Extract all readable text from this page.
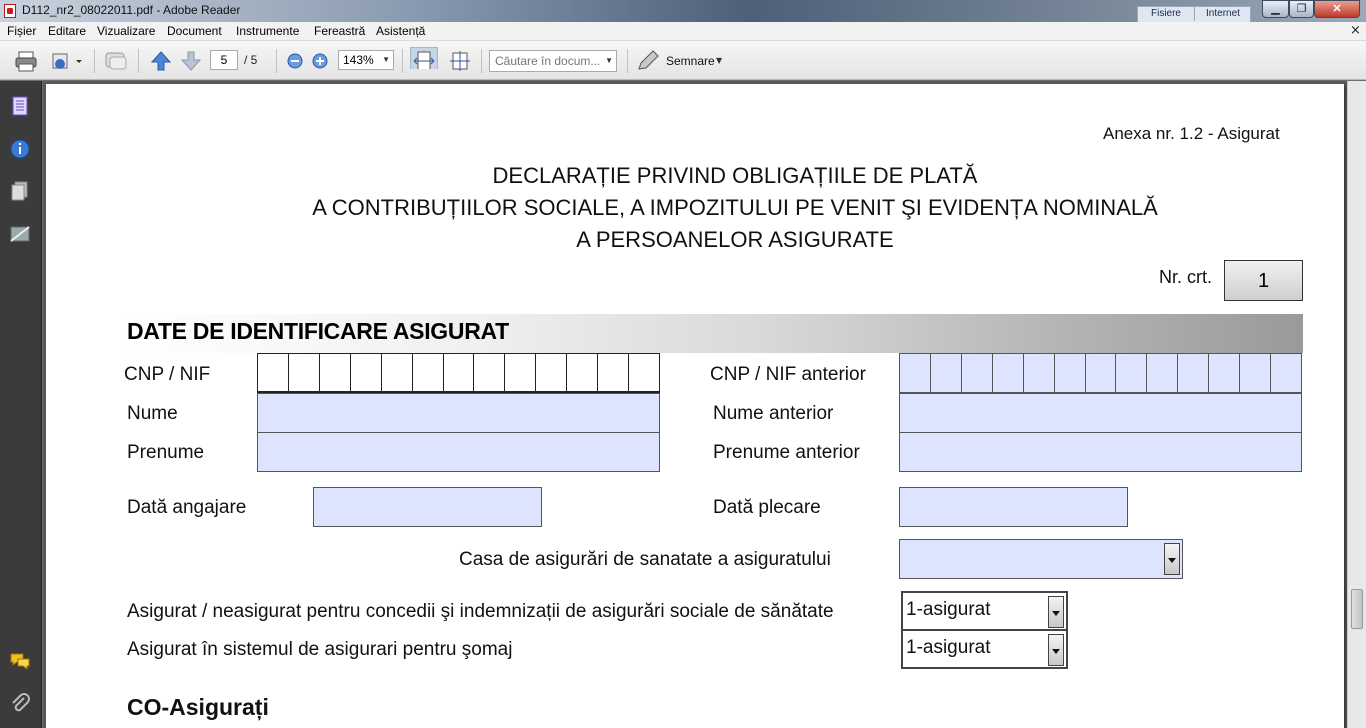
D112_nr2_08022011.pdf - Adobe Reader	▁	❐	✕
Fisiere	Internet
Fișier Editare Vizualizare Document Instrumente Fereastră Asistență	×
5	/ 5	143% ▼	Căutare în docum... ▼	Semnare ▼
Anexa nr. 1.2 - Asigurat
DECLARAȚIE PRIVIND OBLIGAȚIILE DE PLATĂ
A CONTRIBUȚIILOR SOCIALE, A IMPOZITULUI PE VENIT ŞI EVIDENȚA NOMINALĂ
A PERSOANELOR ASIGURATE
Nr. crt.	1
DATE DE IDENTIFICARE ASIGURAT
CNP / NIF	CNP / NIF anterior
Nume	Nume anterior
Prenume	Prenume anterior
Dată angajare	Dată plecare
Casa de asigurări de sanatate a asiguratului
Asigurat / neasigurat pentru concedii şi indemnizații de asigurări sociale de sănătate	1-asigurat
Asigurat în sistemul de asigurari pentru şomaj	1-asigurat
CO-Asigurați
